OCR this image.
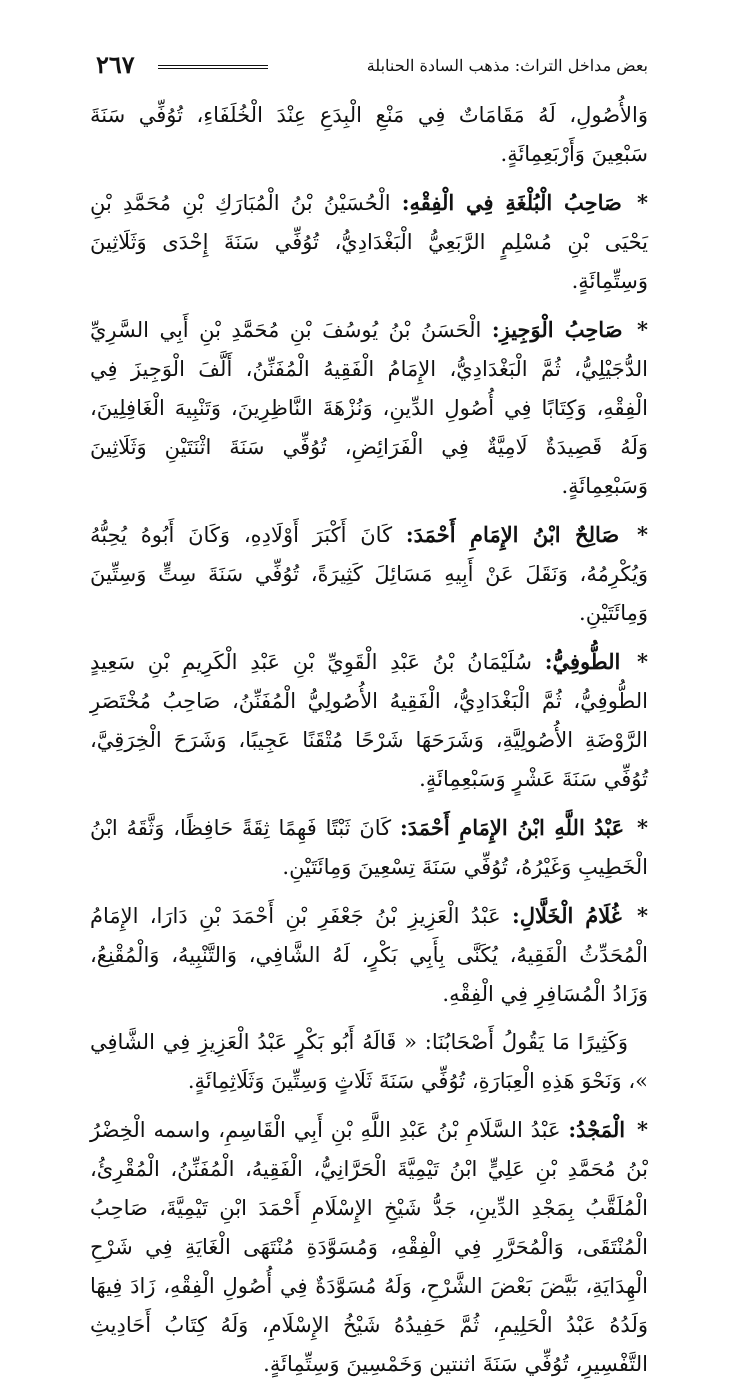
بعض مداخل التراث: مذهب السادة الحنابلة
٢٦٧

وَالأُصُولِ، لَهُ مَقَامَاتٌ فِي مَنْعِ الْبِدَعِ عِنْدَ الْخُلَفَاءِ، تُوُفِّي سَنَةَ سَبْعِينَ وَأَرْبَعِمِائَةٍ.

* صَاحِبُ الْبُلْغَةِ فِي الْفِقْهِ: الْحُسَيْنُ بْنُ الْمُبَارَكِ بْنِ مُحَمَّدِ بْنِ يَحْيَى بْنِ مُسْلِمٍ الرَّبَعِيُّ الْبَغْدَادِيُّ، تُوُفِّي سَنَةَ إِحْدَى وَثَلَاثِينَ وَسِتِّمِائَةٍ.

* صَاحِبُ الْوَجِيزِ: الْحَسَنُ بْنُ يُوسُفَ بْنِ مُحَمَّدِ بْنِ أَبِي السَّرِيِّ الدُّجَيْلِيُّ، ثُمَّ الْبَغْدَادِيُّ، الإِمَامُ الْفَقِيهُ الْمُفَنِّنُ، أَلَّفَ الْوَجِيزَ فِي الْفِقْهِ، وَكِتَابًا فِي أُصُولِ الدِّينِ، وَنُزْهَةَ النَّاظِرِينَ، وَتَنْبِيهَ الْغَافِلِينَ، وَلَهُ قَصِيدَةٌ لَامِيَّةٌ فِي الْفَرَائِضِ، تُوُفِّي سَنَةَ اثْنَتَيْنِ وَثَلَاثِينَ وَسَبْعِمِائَةٍ.

* صَالِحٌ ابْنُ الإِمَامِ أَحْمَدَ: كَانَ أَكْبَرَ أَوْلَادِهِ، وَكَانَ أَبُوهُ يُحِبُّهُ وَيُكْرِمُهُ، وَنَقَلَ عَنْ أَبِيهِ مَسَائِلَ كَثِيرَةً، تُوُفِّي سَنَةَ سِتٍّ وَسِتِّينَ وَمِائَتَيْنِ.

* الطُّوفِيُّ: سُلَيْمَانُ بْنُ عَبْدِ الْقَوِيِّ بْنِ عَبْدِ الْكَرِيمِ بْنِ سَعِيدٍ الطُّوفِيُّ، ثُمَّ الْبَغْدَادِيُّ، الْفَقِيهُ الأُصُولِيُّ الْمُفَنِّنُ، صَاحِبُ مُخْتَصَرِ الرَّوْضَةِ الأُصُولِيَّةِ، وَشَرَحَهَا شَرْحًا مُتْقَنًا عَجِيبًا، وَشَرَحَ الْخِرَقِيَّ، تُوُفِّي سَنَةَ عَشْرٍ وَسَبْعِمِائَةٍ.

* عَبْدُ اللَّهِ ابْنُ الإِمَامِ أَحْمَدَ: كَانَ ثَبْتًا فَهِمًا ثِقَةً حَافِظًا، وَثَّقَهُ ابْنُ الْخَطِيبِ وَغَيْرُهُ، تُوُفِّي سَنَةَ تِسْعِينَ وَمِائَتَيْنِ.

* غُلَامُ الْخَلَّالِ: عَبْدُ الْعَزِيزِ بْنُ جَعْفَرِ بْنِ أَحْمَدَ بْنِ دَارَا، الإِمَامُ الْمُحَدِّثُ الْفَقِيهُ، يُكَنَّى بِأَبِي بَكْرٍ، لَهُ الشَّافِي، وَالتَّنْبِيهُ، وَالْمُقْنِعُ، وَزَادُ الْمُسَافِرِ فِي الْفِقْهِ.

وَكَثِيرًا مَا يَقُولُ أَصْحَابُنَا: « قَالَهُ أَبُو بَكْرٍ عَبْدُ الْعَزِيزِ فِي الشَّافِي »، وَنَحْوَ هَذِهِ الْعِبَارَةِ، تُوُفِّي سَنَةَ ثَلَاثٍ وَسِتِّينَ وَثَلَاثِمِائَةٍ.

* الْمَجْدُ: عَبْدُ السَّلَامِ بْنُ عَبْدِ اللَّهِ بْنِ أَبِي الْقَاسِمِ، واسمه الْخِضْرُ بْنُ مُحَمَّدِ بْنِ عَلِيٍّ ابْنُ تَيْمِيَّةَ الْحَرَّانِيُّ، الْفَقِيهُ، الْمُفَنِّنُ، الْمُقْرِئُ، الْمُلَقَّبُ بِمَجْدِ الدِّينِ، جَدُّ شَيْخِ الإِسْلَامِ أَحْمَدَ ابْنِ تَيْمِيَّةَ، صَاحِبُ الْمُنْتَقَى، وَالْمُحَرَّرِ فِي الْفِقْهِ، وَمُسَوَّدَةِ مُنْتَهَى الْغَايَةِ فِي شَرْحِ الْهِدَايَةِ، بَيَّضَ بَعْضَ الشَّرْحِ، وَلَهُ مُسَوَّدَةٌ فِي أُصُولِ الْفِقْهِ، زَادَ فِيهَا وَلَدُهُ عَبْدُ الْحَلِيمِ، ثُمَّ حَفِيدُهُ شَيْخُ الإِسْلَامِ، وَلَهُ كِتَابُ أَحَادِيثِ التَّفْسِيرِ، تُوُفِّي سَنَةَ اثنتين وَخَمْسِينَ وَسِتِّمِائَةٍ.
